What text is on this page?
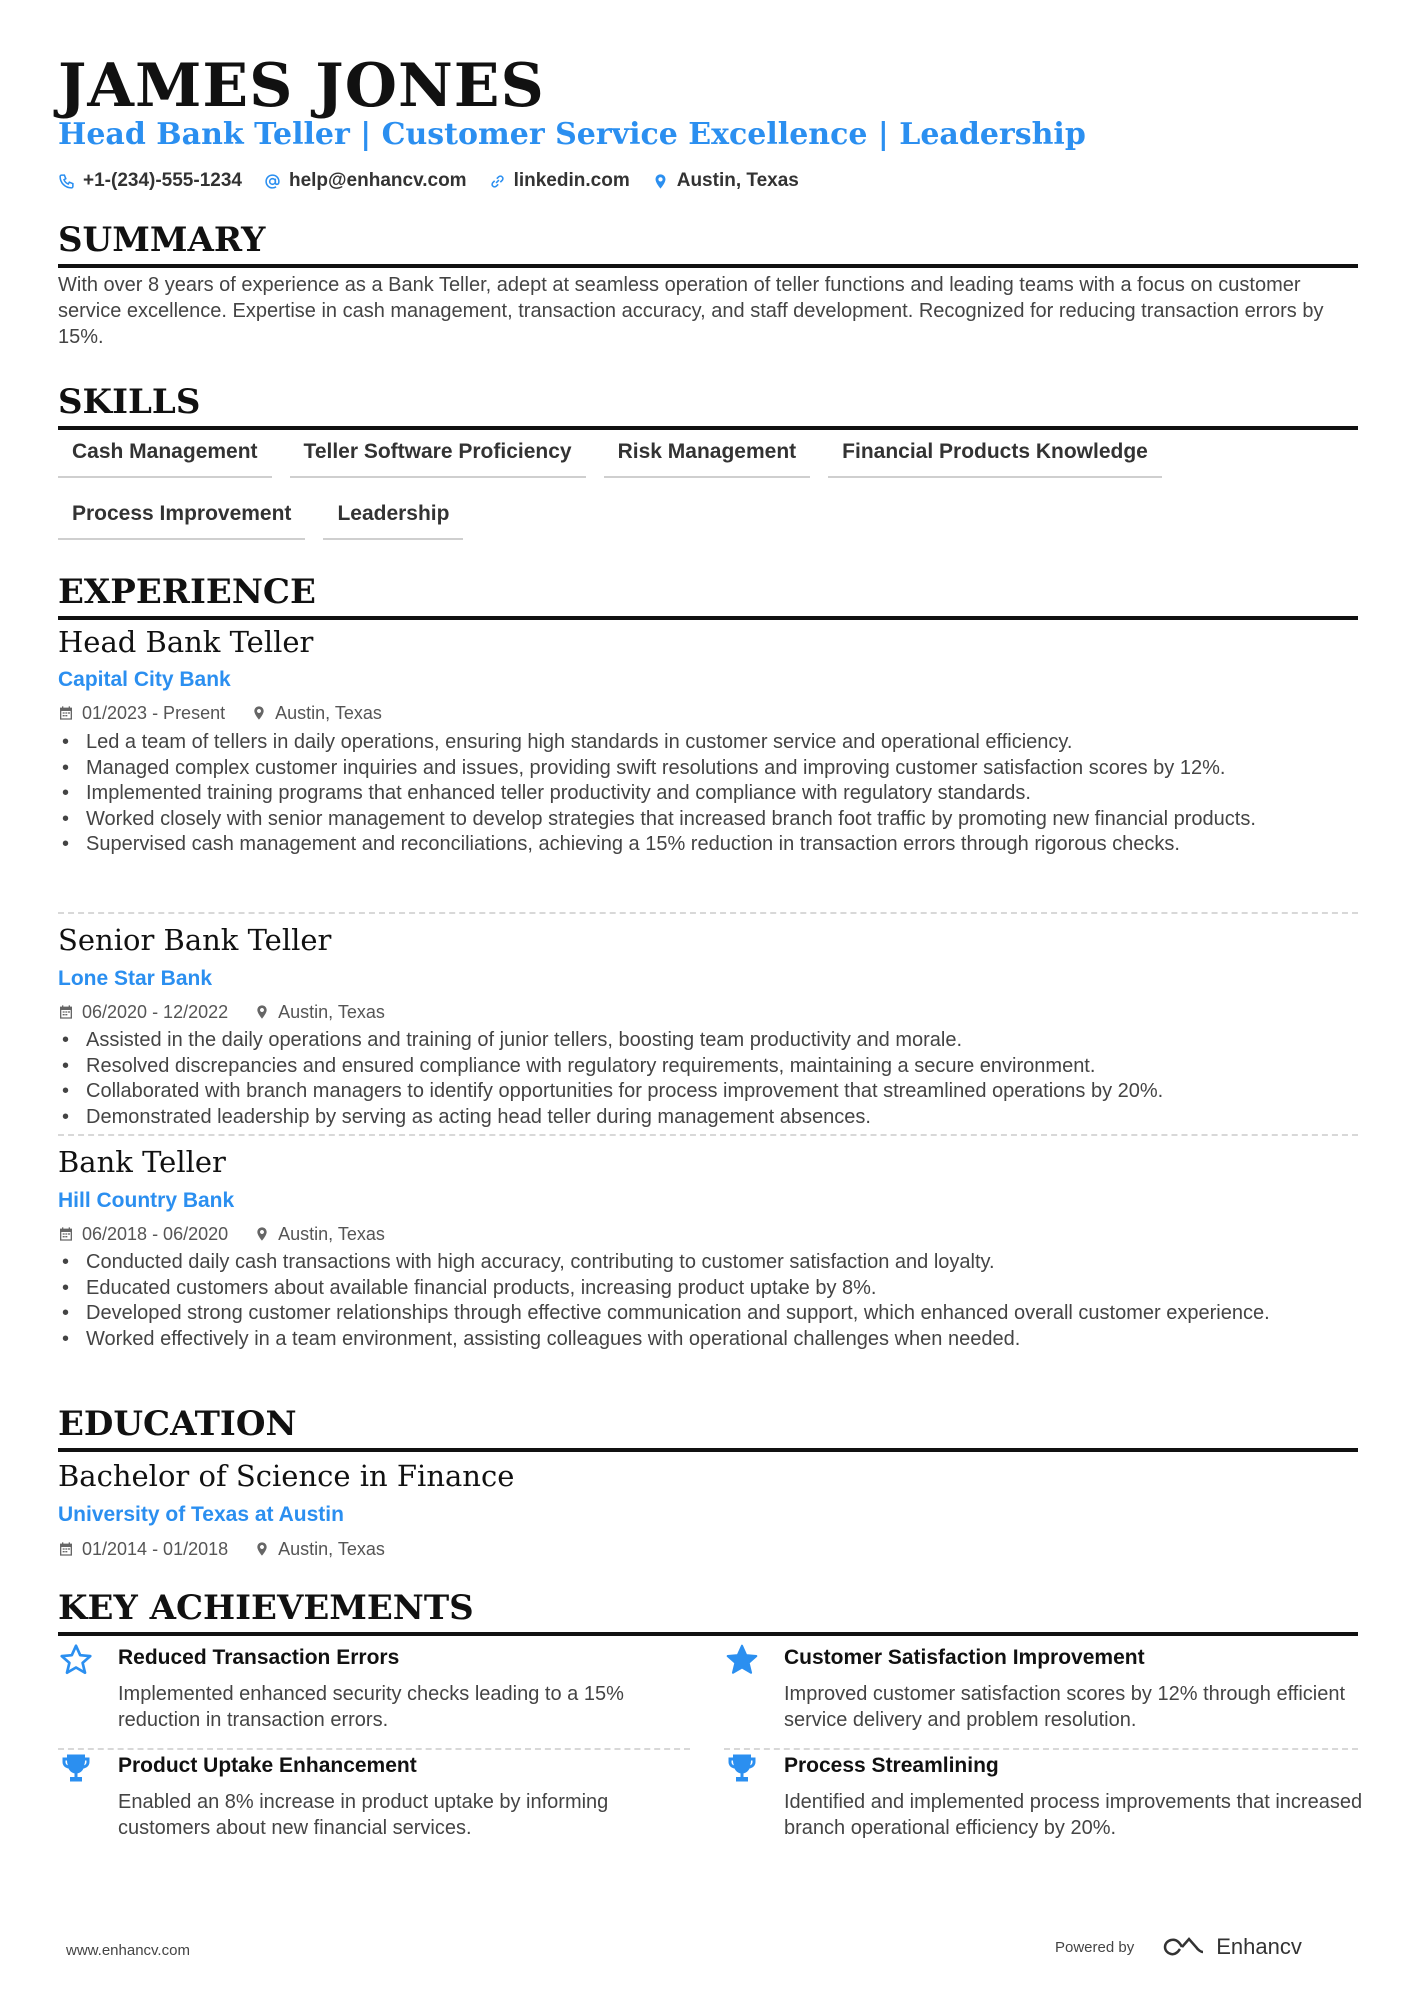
JAMES JONES
Head Bank Teller | Customer Service Excellence | Leadership
+1-(234)-555-1234 help@enhancv.com linkedin.com Austin, Texas
SUMMARY
With over 8 years of experience as a Bank Teller, adept at seamless operation of teller functions and leading teams with a focus on customer service excellence. Expertise in cash management, transaction accuracy, and staff development. Recognized for reducing transaction errors by 15%.
SKILLS
Cash Management	Teller Software Proficiency	Risk Management	Financial Products Knowledge
Process Improvement	Leadership
EXPERIENCE
Head Bank Teller
Capital City Bank
01/2023 - Present	Austin, Texas
• Led a team of tellers in daily operations, ensuring high standards in customer service and operational efficiency.
• Managed complex customer inquiries and issues, providing swift resolutions and improving customer satisfaction scores by 12%.
• Implemented training programs that enhanced teller productivity and compliance with regulatory standards.
• Worked closely with senior management to develop strategies that increased branch foot traffic by promoting new financial products.
• Supervised cash management and reconciliations, achieving a 15% reduction in transaction errors through rigorous checks.
Senior Bank Teller
Lone Star Bank
06/2020 - 12/2022	Austin, Texas
• Assisted in the daily operations and training of junior tellers, boosting team productivity and morale.
• Resolved discrepancies and ensured compliance with regulatory requirements, maintaining a secure environment.
• Collaborated with branch managers to identify opportunities for process improvement that streamlined operations by 20%.
• Demonstrated leadership by serving as acting head teller during management absences.
Bank Teller
Hill Country Bank
06/2018 - 06/2020	Austin, Texas
• Conducted daily cash transactions with high accuracy, contributing to customer satisfaction and loyalty.
• Educated customers about available financial products, increasing product uptake by 8%.
• Developed strong customer relationships through effective communication and support, which enhanced overall customer experience.
• Worked effectively in a team environment, assisting colleagues with operational challenges when needed.
EDUCATION
Bachelor of Science in Finance
University of Texas at Austin
01/2014 - 01/2018	Austin, Texas
KEY ACHIEVEMENTS
Reduced Transaction Errors
Implemented enhanced security checks leading to a 15% reduction in transaction errors.
Customer Satisfaction Improvement
Improved customer satisfaction scores by 12% through efficient service delivery and problem resolution.
Product Uptake Enhancement
Enabled an 8% increase in product uptake by informing customers about new financial services.
Process Streamlining
Identified and implemented process improvements that increased branch operational efficiency by 20%.
www.enhancv.com	Powered by	Enhancv
